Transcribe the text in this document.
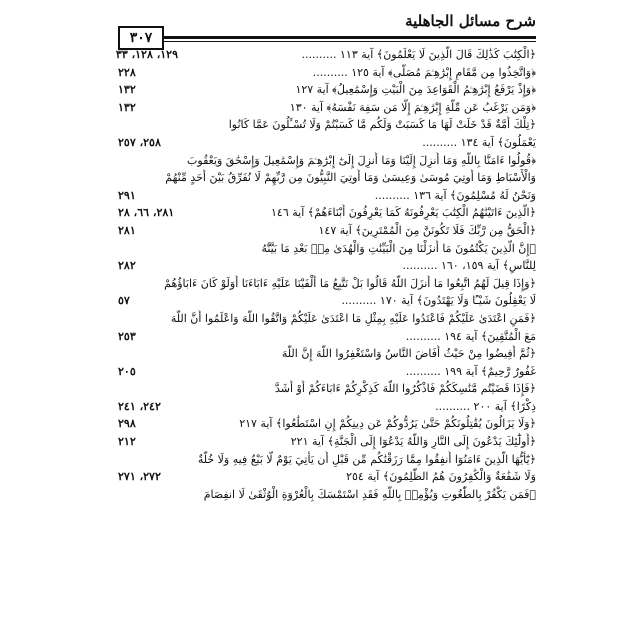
شرح مسائل الجاهلية
٣٠٧
﴿الْكِتَٰبَ كَذَٰلِكَ قَالَ الَّذِينَ لَا يَعْلَمُونَ﴾ آية ١١٣ ..........
١٢٩، ١٢٨، ٣٣
﴿وَاتَّخِذُوا مِن مَّقَامِ إِبْرَٰهِـۧمَ مُصَلًّى﴾ آية ١٢٥ ..........
٢٢٨
﴿وَإِذْ يَرْفَعُ إِبْرَٰهِـۧمُ الْقَوَاعِدَ مِنَ الْبَيْتِ وَإِسْمَٰعِيلُ﴾ آية ١٢٧
١٣٢
﴿وَمَن يَرْغَبُ عَن مِّلَّةِ إِبْرَٰهِـۧمَ إِلَّا مَن سَفِهَ نَفْسَهُ﴾ آية ١٣٠
١٣٢
﴿تِلْكَ أُمَّةٌ قَدْ خَلَتْ لَهَا مَا كَسَبَتْ وَلَكُم مَّا كَسَبْتُمْ وَلَا تُسْـَٔلُونَ عَمَّا كَانُوا
يَعْمَلُونَ﴾ آية ١٣٤ ..........
٢٥٨، ٢٥٧
﴿قُولُوا ءَامَنَّا بِاللَّهِ وَمَا أُنزِلَ إِلَيْنَا وَمَا أُنزِلَ إِلَىٰٓ إِبْرَٰهِـۧمَ وَإِسْمَٰعِيلَ وَإِسْحَٰقَ وَيَعْقُوبَ
وَالْأَسْبَاطِ وَمَا أُوتِيَ مُوسَىٰ وَعِيسَىٰ وَمَا أُوتِيَ النَّبِيُّونَ مِن رَّبِّهِمْ لَا نُفَرِّقُ بَيْنَ أَحَدٍ مِّنْهُمْ
وَنَحْنُ لَهُ مُسْلِمُونَ﴾ آية ١٣٦ ..........
٢٩١
﴿الَّذِينَ ءَاتَيْنَٰهُمُ الْكِتَٰبَ يَعْرِفُونَهُ كَمَا يَعْرِفُونَ أَبْنَاءَهُمْ﴾ آية ١٤٦
٢٨١، ٦٦، ٢٨
﴿الْحَقُّ مِن رَّبِّكَ فَلَا تَكُونَنَّ مِنَ الْمُمْتَرِينَ﴾ آية ١٤٧
٢٨١
﴿إِنَّ الَّذِينَ يَكْتُمُونَ مَا أَنزَلْنَا مِنَ الْبَيِّنَٰتِ وَالْهُدَىٰ مِنۢ بَعْدِ مَا بَيَّنَّٰهُ
لِلنَّاسِ﴾ آية ١٥٩، ١٦٠ ..........
٢٨٢
﴿وَإِذَا قِيلَ لَهُمُ اتَّبِعُوا مَا أَنزَلَ اللَّهُ قَالُوا بَلْ نَتَّبِعُ مَا أَلْفَيْنَا عَلَيْهِ ءَابَاءَنَا أَوَلَوْ كَانَ ءَابَاؤُهُمْ
لَا يَعْقِلُونَ شَيْـًٔا وَلَا يَهْتَدُونَ﴾ آية ١٧٠ ..........
٥٧
﴿فَمَنِ اعْتَدَىٰ عَلَيْكُمْ فَاعْتَدُوا عَلَيْهِ بِمِثْلِ مَا اعْتَدَىٰ عَلَيْكُمْ وَاتَّقُوا اللَّهَ وَاعْلَمُوا أَنَّ اللَّهَ
مَعَ الْمُتَّقِينَ﴾ آية ١٩٤ ..........
٢٥٣
﴿ثُمَّ أَفِيضُوا مِنْ حَيْثُ أَفَاضَ النَّاسُ وَاسْتَغْفِرُوا اللَّهَ إِنَّ اللَّهَ
غَفُورٌ رَّحِيمٌ﴾ آية ١٩٩ ..........
٢٠٥
﴿فَإِذَا قَضَيْتُم مَّنَٰسِكَكُمْ فَاذْكُرُوا اللَّهَ كَذِكْرِكُمْ ءَابَاءَكُمْ أَوْ أَشَدَّ
ذِكْرًا﴾ آية ٢٠٠ ..........
٢٤٢، ٢٤١
﴿وَلَا يَزَالُونَ يُقَٰتِلُونَكُمْ حَتَّىٰ يَرُدُّوكُمْ عَن دِينِكُمْ إِنِ اسْتَطَٰعُوا﴾ آية ٢١٧
٢٩٨
﴿أُولَٰٓئِكَ يَدْعُونَ إِلَى النَّارِ وَاللَّهُ يَدْعُوٓا إِلَى الْجَنَّةِ﴾ آية ٢٢١
٢١٢
﴿يَٰٓأَيُّهَا الَّذِينَ ءَامَنُوٓا أَنفِقُوا مِمَّا رَزَقْنَٰكُم مِّن قَبْلِ أَن يَأْتِيَ يَوْمٌ لَّا بَيْعٌ فِيهِ وَلَا خُلَّةٌ
وَلَا شَفَٰعَةٌ وَالْكَٰفِرُونَ هُمُ الظَّٰلِمُونَ﴾ آية ٢٥٤
٢٧٢، ٢٧١
﴿فَمَن يَكْفُرْ بِالطَّٰغُوتِ وَيُؤْمِنۢ بِاللَّهِ فَقَدِ اسْتَمْسَكَ بِالْعُرْوَةِ الْوُثْقَىٰ لَا انفِصَامَ
